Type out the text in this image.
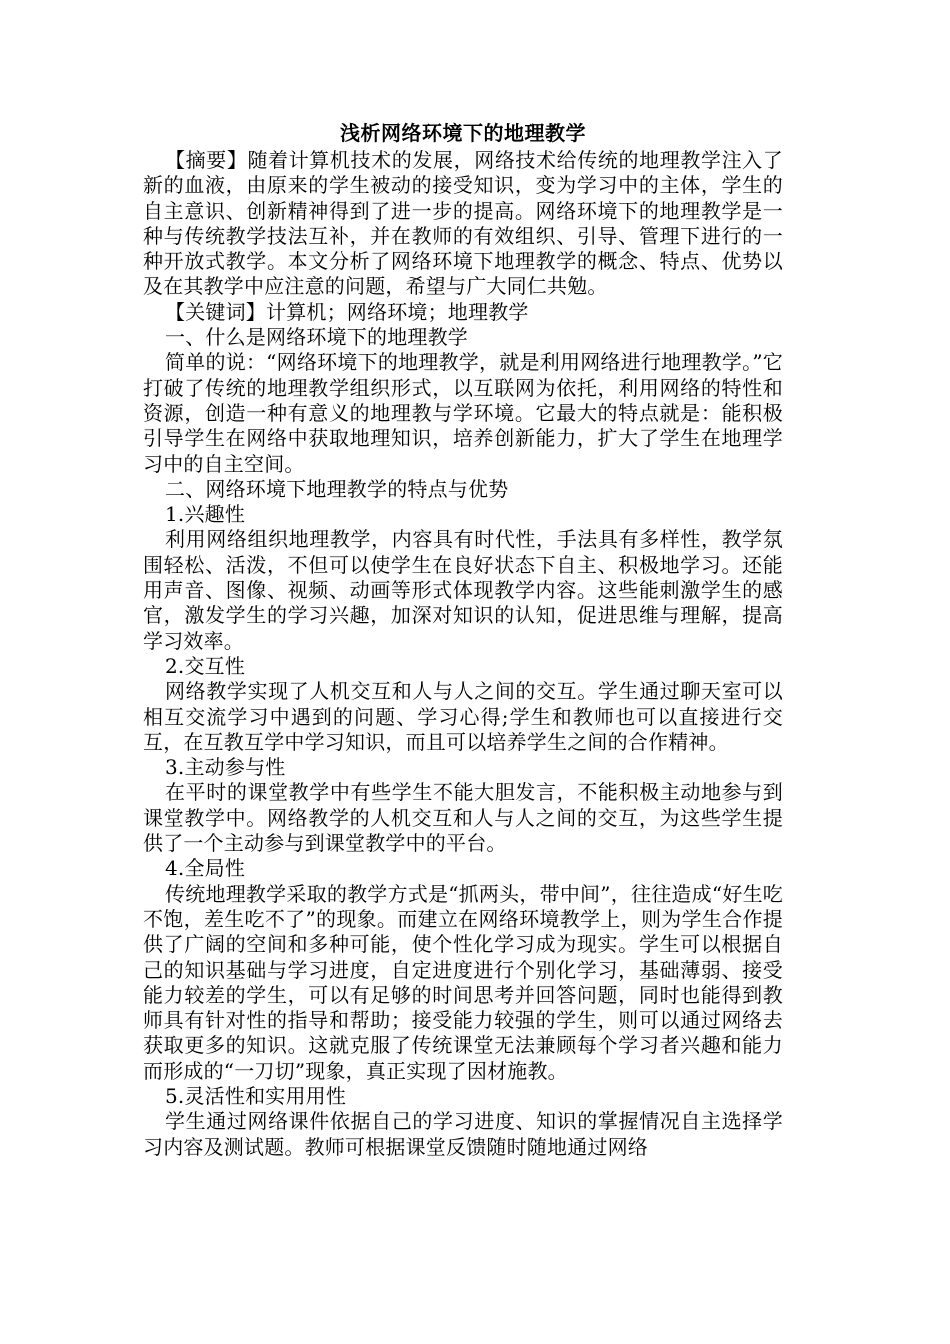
浅析网络环境下的地理教学

【摘要】随着计算机技术的发展，网络技术给传统的地理教学注入了新的血液，由原来的学生被动的接受知识，变为学习中的主体，学生的自主意识、创新精神得到了进一步的提高。网络环境下的地理教学是一种与传统教学技法互补，并在教师的有效组织、引导、管理下进行的一种开放式教学。本文分析了网络环境下地理教学的概念、特点、优势以及在其教学中应注意的问题，希望与广大同仁共勉。

【关键词】计算机；网络环境；地理教学

一、什么是网络环境下的地理教学

简单的说：“网络环境下的地理教学，就是利用网络进行地理教学。”它打破了传统的地理教学组织形式，以互联网为依托，利用网络的特性和资源，创造一种有意义的地理教与学环境。它最大的特点就是：能积极引导学生在网络中获取地理知识，培养创新能力，扩大了学生在地理学习中的自主空间。

二、网络环境下地理教学的特点与优势

1.兴趣性

利用网络组织地理教学，内容具有时代性，手法具有多样性，教学氛围轻松、活泼，不但可以使学生在良好状态下自主、积极地学习。还能用声音、图像、视频、动画等形式体现教学内容。这些能刺激学生的感官，激发学生的学习兴趣，加深对知识的认知，促进思维与理解，提高学习效率。

2.交互性

网络教学实现了人机交互和人与人之间的交互。学生通过聊天室可以相互交流学习中遇到的问题、学习心得;学生和教师也可以直接进行交互，在互教互学中学习知识，而且可以培养学生之间的合作精神。

3.主动参与性

在平时的课堂教学中有些学生不能大胆发言，不能积极主动地参与到课堂教学中。网络教学的人机交互和人与人之间的交互，为这些学生提供了一个主动参与到课堂教学中的平台。

4.全局性

传统地理教学采取的教学方式是“抓两头，带中间”，往往造成“好生吃不饱，差生吃不了”的现象。而建立在网络环境教学上，则为学生合作提供了广阔的空间和多种可能，使个性化学习成为现实。学生可以根据自己的知识基础与学习进度，自定进度进行个别化学习，基础薄弱、接受能力较差的学生，可以有足够的时间思考并回答问题，同时也能得到教师具有针对性的指导和帮助；接受能力较强的学生，则可以通过网络去获取更多的知识。这就克服了传统课堂无法兼顾每个学习者兴趣和能力而形成的“一刀切”现象，真正实现了因材施教。

5.灵活性和实用用性

学生通过网络课件依据自己的学习进度、知识的掌握情况自主选择学习内容及测试题。教师可根据课堂反馈随时随地通过网络
